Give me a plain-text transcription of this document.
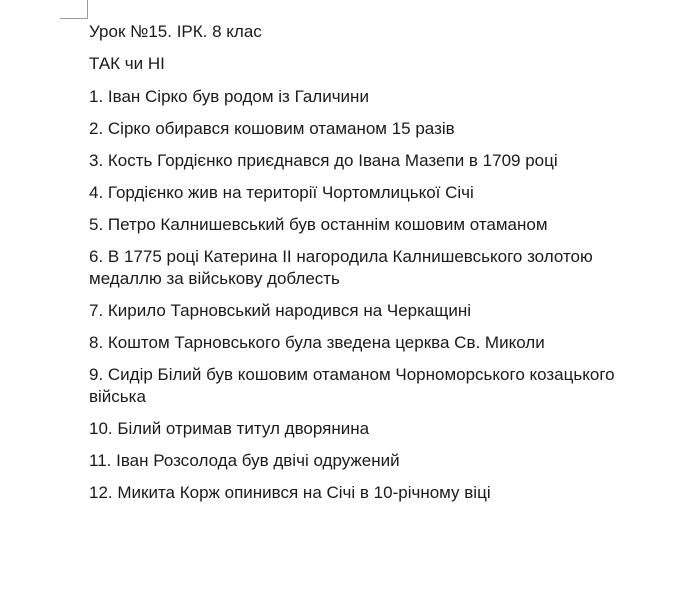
Урок №15. ІРК. 8 клас

ТАК чи НІ

1. Іван Сірко був родом із Галичини

2. Сірко обирався кошовим отаманом 15 разів

3. Кость Гордієнко приєднався до Івана Мазепи в 1709 році

4. Гордієнко жив на території Чортомлицької Січі

5. Петро Калнишевський був останнім кошовим отаманом

6. В 1775 році Катерина II нагородила Калнишевського золотою медаллю за військову доблесть

7. Кирило Тарновський народився на Черкащині

8. Коштом Тарновського була зведена церква Св. Миколи

9. Сидір Білий був кошовим отаманом Чорноморського козацького війська

10. Білий отримав титул дворянина

11. Іван Розсолода був двічі одружений

12. Микита Корж опинився на Січі в 10-річному віці
